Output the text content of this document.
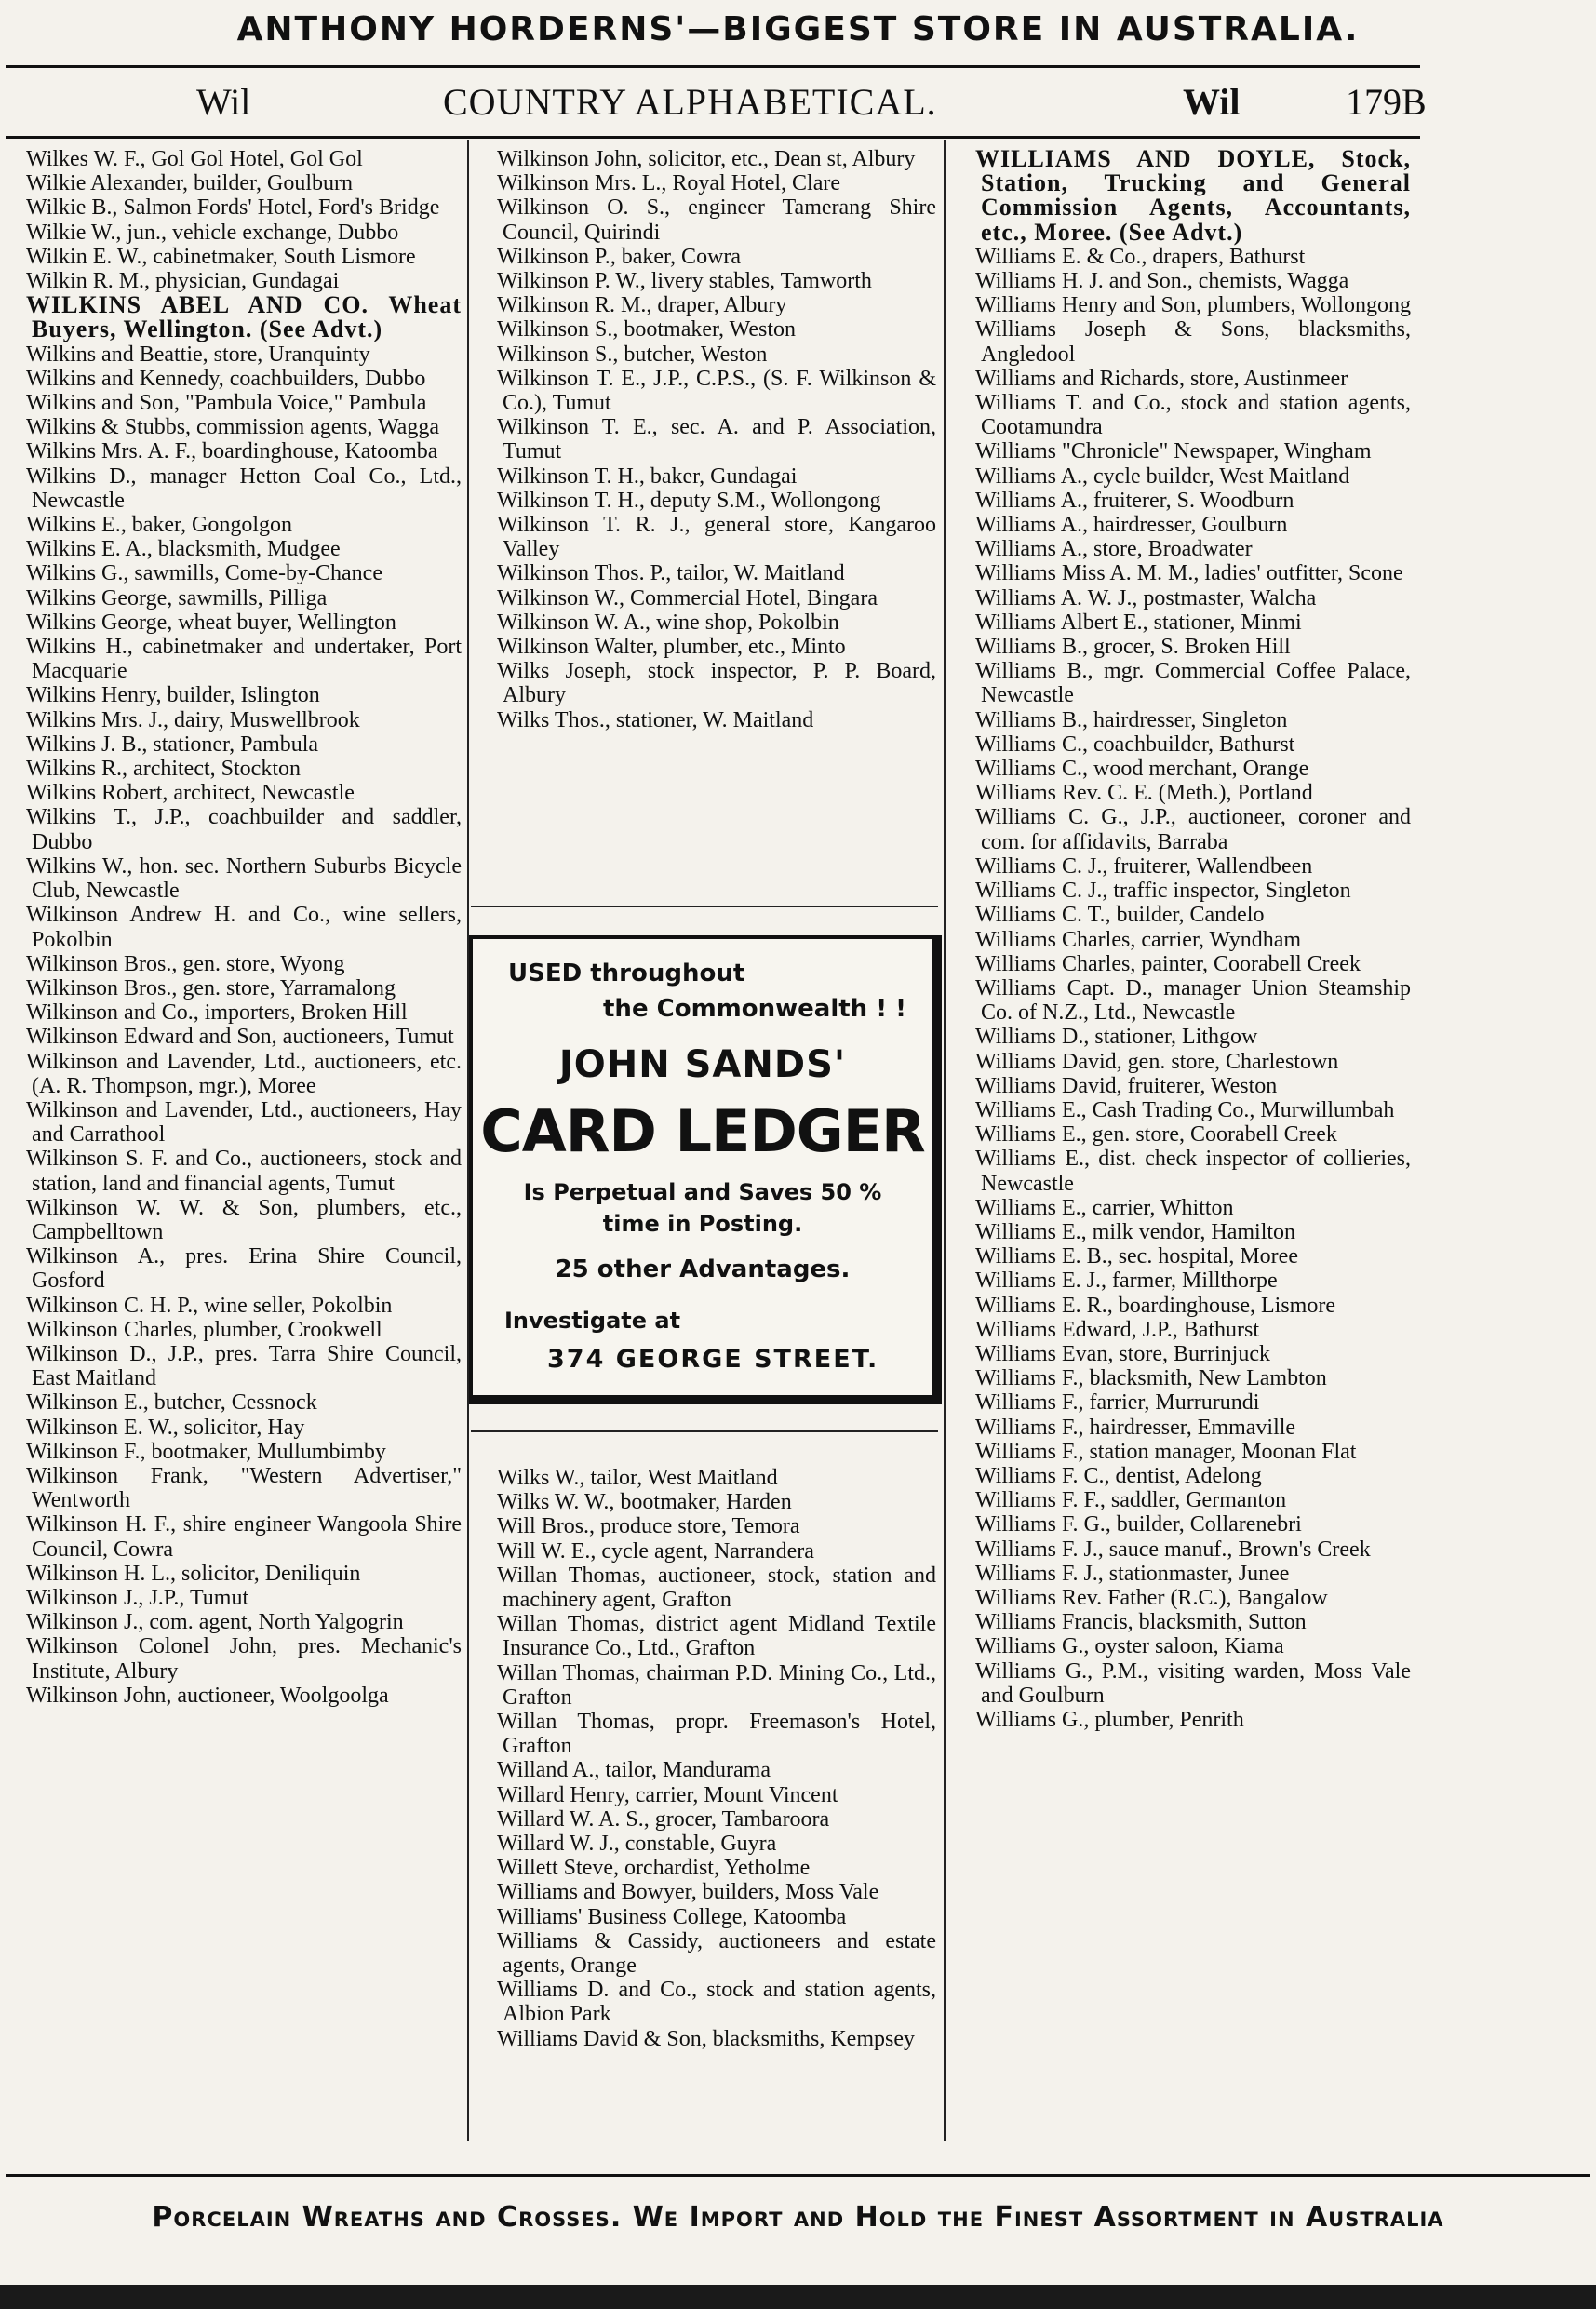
ANTHONY HORDERNS'—BIGGEST STORE IN AUSTRALIA.
Wil	COUNTRY ALPHABETICAL.	Wil	179B
Wilkes W. F., Gol Gol Hotel, Gol Gol
Wilkie Alexander, builder, Goulburn
Wilkie B., Salmon Fords' Hotel, Ford's Bridge
Wilkie W., jun., vehicle exchange, Dubbo
Wilkin E. W., cabinetmaker, South Lismore
Wilkin R. M., physician, Gundagai
WILKINS ABEL AND CO. Wheat Buyers, Wellington. (See Advt.)
Wilkins and Beattie, store, Uranquinty
Wilkins and Kennedy, coachbuilders, Dubbo
Wilkins and Son, "Pambula Voice," Pambula
Wilkins & Stubbs, commission agents, Wagga
Wilkins Mrs. A. F., boardinghouse, Katoomba
Wilkins D., manager Hetton Coal Co., Ltd., Newcastle
Wilkins E., baker, Gongolgon
Wilkins E. A., blacksmith, Mudgee
Wilkins G., sawmills, Come-by-Chance
Wilkins George, sawmills, Pilliga
Wilkins George, wheat buyer, Wellington
Wilkins H., cabinetmaker and undertaker, Port Macquarie
Wilkins Henry, builder, Islington
Wilkins Mrs. J., dairy, Muswellbrook
Wilkins J. B., stationer, Pambula
Wilkins R., architect, Stockton
Wilkins Robert, architect, Newcastle
Wilkins T., J.P., coachbuilder and saddler, Dubbo
Wilkins W., hon. sec. Northern Suburbs Bicycle Club, Newcastle
Wilkinson Andrew H. and Co., wine sellers, Pokolbin
Wilkinson Bros., gen. store, Wyong
Wilkinson Bros., gen. store, Yarramalong
Wilkinson and Co., importers, Broken Hill
Wilkinson Edward and Son, auctioneers, Tumut
Wilkinson and Lavender, Ltd., auctioneers, etc. (A. R. Thompson, mgr.), Moree
Wilkinson and Lavender, Ltd., auctioneers, Hay and Carrathool
Wilkinson S. F. and Co., auctioneers, stock and station, land and financial agents, Tumut
Wilkinson W. W. & Son, plumbers, etc., Campbelltown
Wilkinson A., pres. Erina Shire Council, Gosford
Wilkinson C. H. P., wine seller, Pokolbin
Wilkinson Charles, plumber, Crookwell
Wilkinson D., J.P., pres. Tarra Shire Council, East Maitland
Wilkinson E., butcher, Cessnock
Wilkinson E. W., solicitor, Hay
Wilkinson F., bootmaker, Mullumbimby
Wilkinson Frank, "Western Advertiser," Wentworth
Wilkinson H. F., shire engineer Wangoola Shire Council, Cowra
Wilkinson H. L., solicitor, Deniliquin
Wilkinson J., J.P., Tumut
Wilkinson J., com. agent, North Yalgogrin
Wilkinson Colonel John, pres. Mechanic's Institute, Albury
Wilkinson John, auctioneer, Woolgoolga
Wilkinson John, solicitor, etc., Dean st, Albury
Wilkinson Mrs. L., Royal Hotel, Clare
Wilkinson O. S., engineer Tamerang Shire Council, Quirindi
Wilkinson P., baker, Cowra
Wilkinson P. W., livery stables, Tamworth
Wilkinson R. M., draper, Albury
Wilkinson S., bootmaker, Weston
Wilkinson S., butcher, Weston
Wilkinson T. E., J.P., C.P.S., (S. F. Wilkinson & Co.), Tumut
Wilkinson T. E., sec. A. and P. Association, Tumut
Wilkinson T. H., baker, Gundagai
Wilkinson T. H., deputy S.M., Wollongong
Wilkinson T. R. J., general store, Kangaroo Valley
Wilkinson Thos. P., tailor, W. Maitland
Wilkinson W., Commercial Hotel, Bingara
Wilkinson W. A., wine shop, Pokolbin
Wilkinson Walter, plumber, etc., Minto
Wilks Joseph, stock inspector, P. P. Board, Albury
Wilks Thos., stationer, W. Maitland
USED throughout
the Commonwealth ! !
JOHN SANDS'
CARD LEDGER
Is Perpetual and Saves 50 %
time in Posting.
25 other Advantages.
Investigate at
374 GEORGE STREET.
Wilks W., tailor, West Maitland
Wilks W. W., bootmaker, Harden
Will Bros., produce store, Temora
Will W. E., cycle agent, Narrandera
Willan Thomas, auctioneer, stock, station and machinery agent, Grafton
Willan Thomas, district agent Midland Textile Insurance Co., Ltd., Grafton
Willan Thomas, chairman P.D. Mining Co., Ltd., Grafton
Willan Thomas, propr. Freemason's Hotel, Grafton
Willand A., tailor, Mandurama
Willard Henry, carrier, Mount Vincent
Willard W. A. S., grocer, Tambaroora
Willard W. J., constable, Guyra
Willett Steve, orchardist, Yetholme
Williams and Bowyer, builders, Moss Vale
Williams' Business College, Katoomba
Williams & Cassidy, auctioneers and estate agents, Orange
Williams D. and Co., stock and station agents, Albion Park
Williams David & Son, blacksmiths, Kempsey
WILLIAMS AND DOYLE, Stock, Station, Trucking and General Commission Agents, Accountants, etc., Moree. (See Advt.)
Williams E. & Co., drapers, Bathurst
Williams H. J. and Son., chemists, Wagga
Williams Henry and Son, plumbers, Wollongong
Williams Joseph & Sons, blacksmiths, Angledool
Williams and Richards, store, Austinmeer
Williams T. and Co., stock and station agents, Cootamundra
Williams "Chronicle" Newspaper, Wingham
Williams A., cycle builder, West Maitland
Williams A., fruiterer, S. Woodburn
Williams A., hairdresser, Goulburn
Williams A., store, Broadwater
Williams Miss A. M. M., ladies' outfitter, Scone
Williams A. W. J., postmaster, Walcha
Williams Albert E., stationer, Minmi
Williams B., grocer, S. Broken Hill
Williams B., mgr. Commercial Coffee Palace, Newcastle
Williams B., hairdresser, Singleton
Williams C., coachbuilder, Bathurst
Williams C., wood merchant, Orange
Williams Rev. C. E. (Meth.), Portland
Williams C. G., J.P., auctioneer, coroner and com. for affidavits, Barraba
Williams C. J., fruiterer, Wallendbeen
Williams C. J., traffic inspector, Singleton
Williams C. T., builder, Candelo
Williams Charles, carrier, Wyndham
Williams Charles, painter, Coorabell Creek
Williams Capt. D., manager Union Steamship Co. of N.Z., Ltd., Newcastle
Williams D., stationer, Lithgow
Williams David, gen. store, Charlestown
Williams David, fruiterer, Weston
Williams E., Cash Trading Co., Murwillumbah
Williams E., gen. store, Coorabell Creek
Williams E., dist. check inspector of collieries, Newcastle
Williams E., carrier, Whitton
Williams E., milk vendor, Hamilton
Williams E. B., sec. hospital, Moree
Williams E. J., farmer, Millthorpe
Williams E. R., boardinghouse, Lismore
Williams Edward, J.P., Bathurst
Williams Evan, store, Burrinjuck
Williams F., blacksmith, New Lambton
Williams F., farrier, Murrurundi
Williams F., hairdresser, Emmaville
Williams F., station manager, Moonan Flat
Williams F. C., dentist, Adelong
Williams F. F., saddler, Germanton
Williams F. G., builder, Collarenebri
Williams F. J., sauce manuf., Brown's Creek
Williams F. J., stationmaster, Junee
Williams Rev. Father (R.C.), Bangalow
Williams Francis, blacksmith, Sutton
Williams G., oyster saloon, Kiama
Williams G., P.M., visiting warden, Moss Vale and Goulburn
Williams G., plumber, Penrith
Porcelain Wreaths and Crosses. We Import and Hold the Finest Assortment in Australia
